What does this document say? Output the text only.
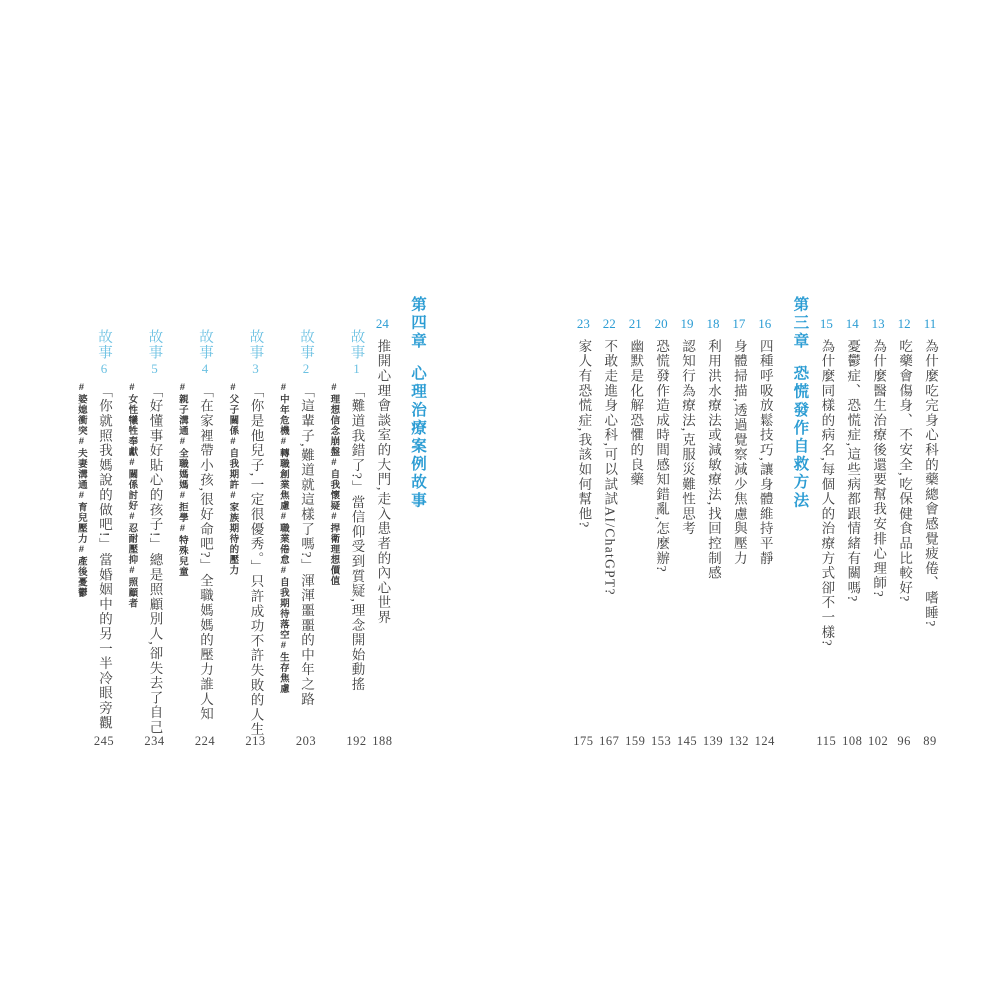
11為什麼吃完身心科的藥總會感覺疲倦、嗜睡?
89
12吃藥會傷身、不安全,吃保健食品比較好?
96
13為什麼醫生治療後還要幫我安排心理師?
102
14憂鬱症、恐慌症,這些病都跟情緒有關嗎?
108
15為什麼同樣的病名,每個人的治療方式卻不一樣?
115
第三章恐慌發作自救方法
16四種呼吸放鬆技巧,讓身體維持平靜
124
17身體掃描,透過覺察減少焦慮與壓力
132
18利用洪水療法或減敏療法,找回控制感
139
19認知行為療法,克服災難性思考
145
20恐慌發作造成時間感知錯亂,怎麼辦?
153
21幽默是化解恐懼的良藥
159
22不敢走進身心科,可以試試AI/ChatGPT?
167
23家人有恐慌症,我該如何幫他?
175
第四章心理治療案例故事
24推開心理會談室的大門,走入患者的內心世界
188
故事1「難道我錯了?」當信仰受到質疑,理念開始動搖
#理想信念崩盤#自我懷疑#捍衛理想價值
192
故事2「這輩子,難道就這樣了嗎?」渾渾噩噩的中年之路
#中年危機#轉職創業焦慮#職業倦怠#自我期待落空#生存焦慮
203
故事3「你是他兒子,一定很優秀。」只許成功不許失敗的人生
#父子關係#自我期許#家族期待的壓力
213
故事4「在家裡帶小孩,很好命吧?」全職媽媽的壓力誰人知
#親子溝通#全職媽媽#拒學#特殊兒童
224
故事5「好懂事好貼心的孩子!」總是照顧別人,卻失去了自己
#女性犧牲奉獻#關係討好#忍耐壓抑#照顧者
234
故事6「你就照我媽說的做吧!」當婚姻中的另一半冷眼旁觀
#婆媳衝突#夫妻溝通#育兒壓力#產後憂鬱
245
